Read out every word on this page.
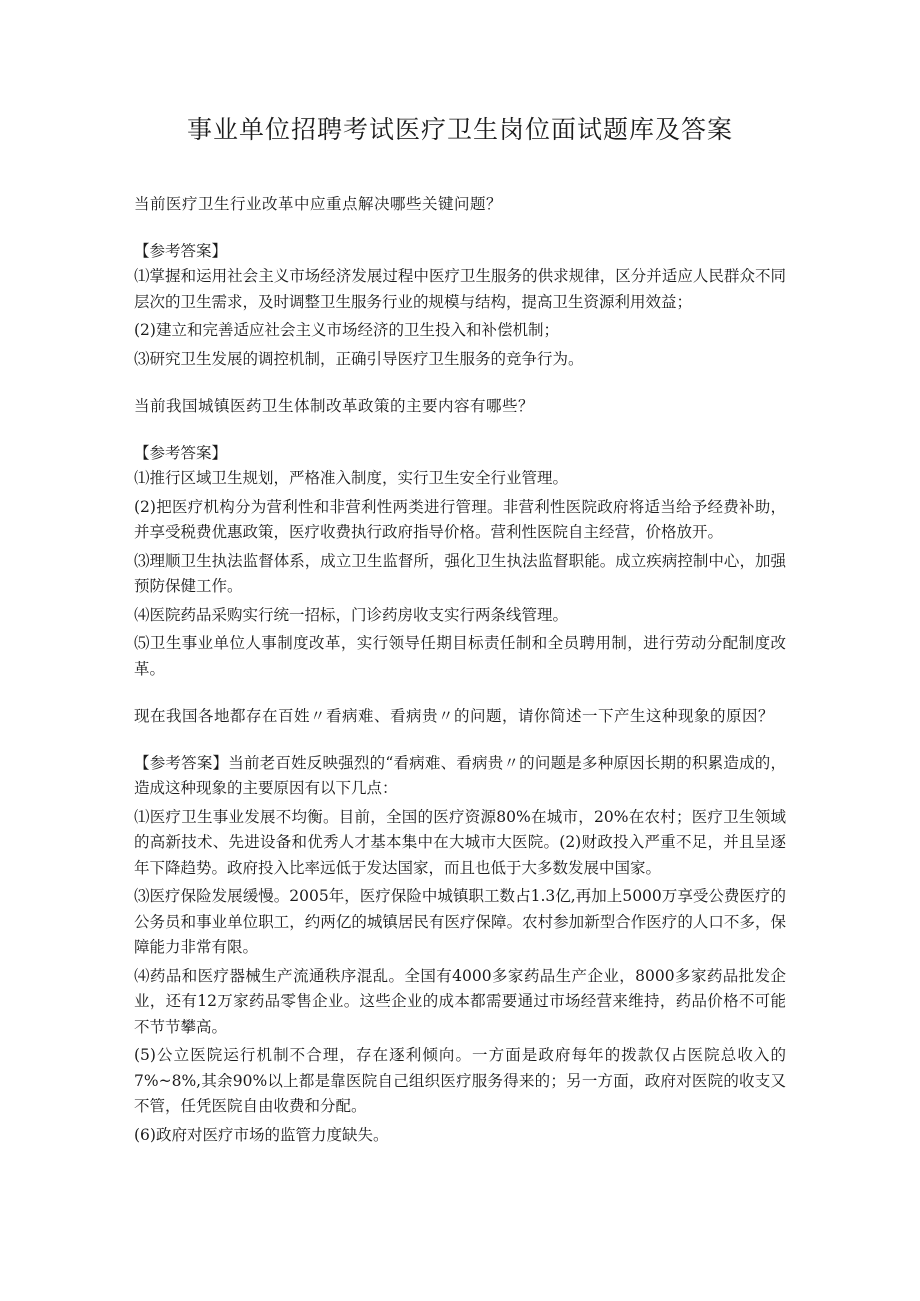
事业单位招聘考试医疗卫生岗位面试题库及答案

当前医疗卫生行业改革中应重点解决哪些关键问题？

【参考答案】

⑴掌握和运用社会主义市场经济发展过程中医疗卫生服务的供求规律，区分并适应人民群众不同层次的卫生需求，及时调整卫生服务行业的规模与结构，提高卫生资源利用效益；

(2)建立和完善适应社会主义市场经济的卫生投入和补偿机制；

⑶研究卫生发展的调控机制，正确引导医疗卫生服务的竞争行为。

当前我国城镇医药卫生体制改革政策的主要内容有哪些？

【参考答案】

⑴推行区域卫生规划，严格准入制度，实行卫生安全行业管理。

(2)把医疗机构分为营利性和非营利性两类进行管理。非营利性医院政府将适当给予经费补助，并享受税费优惠政策，医疗收费执行政府指导价格。营利性医院自主经营，价格放开。

⑶理顺卫生执法监督体系，成立卫生监督所，强化卫生执法监督职能。成立疾病控制中心，加强预防保健工作。

⑷医院药品采购实行统一招标，门诊药房收支实行两条线管理。

⑸卫生事业单位人事制度改革，实行领导任期目标责任制和全员聘用制，进行劳动分配制度改革。

现在我国各地都存在百姓〃看病难、看病贵〃的问题，请你简述一下产生这种现象的原因？

【参考答案】当前老百姓反映强烈的“看病难、看病贵〃的问题是多种原因长期的积累造成的，造成这种现象的主要原因有以下几点：

⑴医疗卫生事业发展不均衡。目前，全国的医疗资源80%在城市，20%在农村；医疗卫生领域的高新技术、先进设备和优秀人才基本集中在大城市大医院。(2)财政投入严重不足，并且呈逐年下降趋势。政府投入比率远低于发达国家，而且也低于大多数发展中国家。

⑶医疗保险发展缓慢。2005年，医疗保险中城镇职工数占1.3亿,再加上5000万享受公费医疗的公务员和事业单位职工，约两亿的城镇居民有医疗保障。农村参加新型合作医疗的人口不多，保障能力非常有限。

⑷药品和医疗器械生产流通秩序混乱。全国有4000多家药品生产企业，8000多家药品批发企业，还有12万家药品零售企业。这些企业的成本都需要通过市场经营来维持，药品价格不可能不节节攀高。

(5)公立医院运行机制不合理，存在逐利倾向。一方面是政府每年的拨款仅占医院总收入的7%~8%,其余90%以上都是靠医院自己组织医疗服务得来的；另一方面，政府对医院的收支又不管，任凭医院自由收费和分配。

(6)政府对医疗市场的监管力度缺失。
